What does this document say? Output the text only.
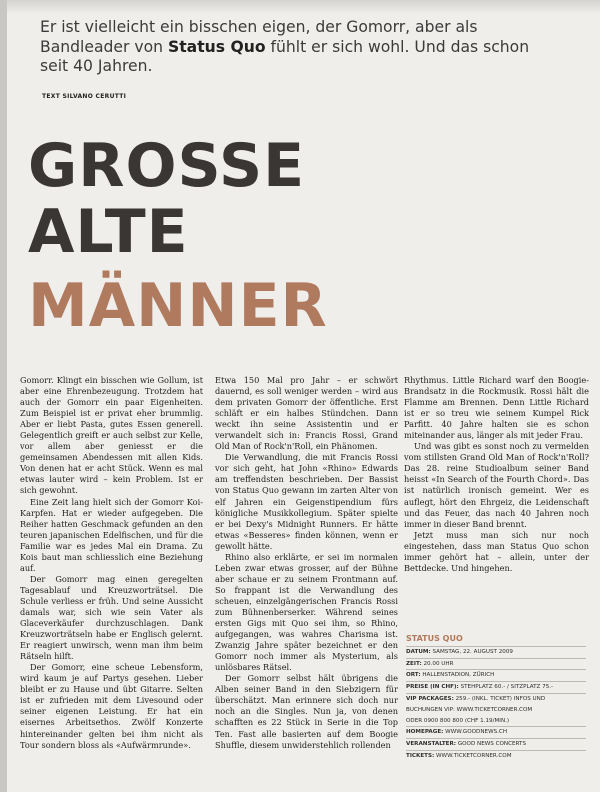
Er ist vielleicht ein bisschen eigen, der Gomorr, aber als Bandleader von Status Quo fühlt er sich wohl. Und das schon seit 40 Jahren.
TEXT SILVANO CERUTTI
GROSSE
ALTE
MÄNNER

Gomorr. Klingt ein bisschen wie Gollum, ist aber eine Ehrenbezeugung. Trotzdem hat auch der Gomorr ein paar Eigenheiten. Zum Beispiel ist er privat eher brummlig. Aber er liebt Pasta, gutes Essen generell. Gelegentlich greift er auch selbst zur Kelle, vor allem aber geniesst er die gemeinsamen Abendessen mit allen Kids. Von denen hat er acht Stück. Wenn es mal etwas lauter wird – kein Problem. Ist er sich gewohnt.

Eine Zeit lang hielt sich der Gomorr Koi-Karpfen. Hat er wieder aufgegeben. Die Reiher hatten Geschmack gefunden an den teuren japanischen Edelfischen, und für die Familie war es jedes Mal ein Drama. Zu Kois baut man schliesslich eine Beziehung auf.

Der Gomorr mag einen geregelten Tagesablauf und Kreuzworträtsel. Die Schule verliess er früh. Und seine Aussicht damals war, sich wie sein Vater als Glaceverkäufer durchzuschlagen. Dank Kreuzworträtseln habe er Englisch gelernt. Er reagiert unwirsch, wenn man ihm beim Rätseln hilft.

Der Gomorr, eine scheue Lebensform, wird kaum je auf Partys gesehen. Lieber bleibt er zu Hause und übt Gitarre. Selten ist er zufrieden mit dem Livesound oder seiner eigenen Leistung. Er hat ein eisernes Arbeitsethos. Zwölf Konzerte hintereinander gelten bei ihm nicht als Tour sondern bloss als «Aufwärmrunde».

Etwa 150 Mal pro Jahr – er schwört dauernd, es soll weniger werden – wird aus dem privaten Gomorr der öffentliche. Erst schläft er ein halbes Stündchen. Dann weckt ihn seine Assistentin und er verwandelt sich in: Francis Rossi, Grand Old Man of Rock'n'Roll, ein Phänomen.

Die Verwandlung, die mit Francis Rossi vor sich geht, hat John «Rhino» Edwards am treffendsten beschrieben. Der Bassist von Status Quo gewann im zarten Alter von elf Jahren ein Geigenstipendium fürs königliche Musikkollegium. Später spielte er bei Dexy's Midnight Runners. Er hätte etwas «Besseres» finden können, wenn er gewollt hätte.

Rhino also erklärte, er sei im normalen Leben zwar etwas grosser, auf der Bühne aber schaue er zu seinem Frontmann auf. So frappant ist die Verwandlung des scheuen, einzelgängerischen Francis Rossi zum Bühnenberserker. Während seines ersten Gigs mit Quo sei ihm, so Rhino, aufgegangen, was wahres Charisma ist. Zwanzig Jahre später bezeichnet er den Gomorr noch immer als Mysterium, als unlösbares Rätsel.

Der Gomorr selbst hält übrigens die Alben seiner Band in den Siebzigern für überschätzt. Man erinnere sich doch nur noch an die Singles. Nun ja, von denen schafften es 22 Stück in Serie in die Top Ten. Fast alle basierten auf dem Boogie Shuffle, diesem unwiderstehlich rollenden

Rhythmus. Little Richard warf den Boogie-Brandsatz in die Rockmusik. Rossi hält die Flamme am Brennen. Denn Little Richard ist er so treu wie seinem Kumpel Rick Parfitt. 40 Jahre halten sie es schon miteinander aus, länger als mit jeder Frau.

Und was gibt es sonst noch zu vermelden vom stillsten Grand Old Man of Rock'n'Roll? Das 28. reine Studioalbum seiner Band heisst «In Search of the Fourth Chord». Das ist natürlich ironisch gemeint. Wer es auflegt, hört den Ehrgeiz, die Leidenschaft und das Feuer, das nach 40 Jahren noch immer in dieser Band brennt.

Jetzt muss man sich nur noch eingestehen, dass man Status Quo schon immer gehört hat – allein, unter der Bettdecke. Und hingehen.

STATUS QUO
DATUM: SAMSTAG, 22. AUGUST 2009
ZEIT: 20.00 UHR
ORT: HALLENSTADION, ZÜRICH
PREISE (IN CHF): STEHPLATZ 60.- / SITZPLATZ 75.-
VIP PACKAGES: 259.- (INKL. TICKET) INFOS UND
BUCHUNGEN VIP: WWW.TICKETCORNER.COM
ODER 0900 800 800 (CHF 1.19/MIN.)
HOMEPAGE: WWW.GOODNEWS.CH
VERANSTALTER: GOOD NEWS CONCERTS
TICKETS: WWW.TICKETCORNER.COM
